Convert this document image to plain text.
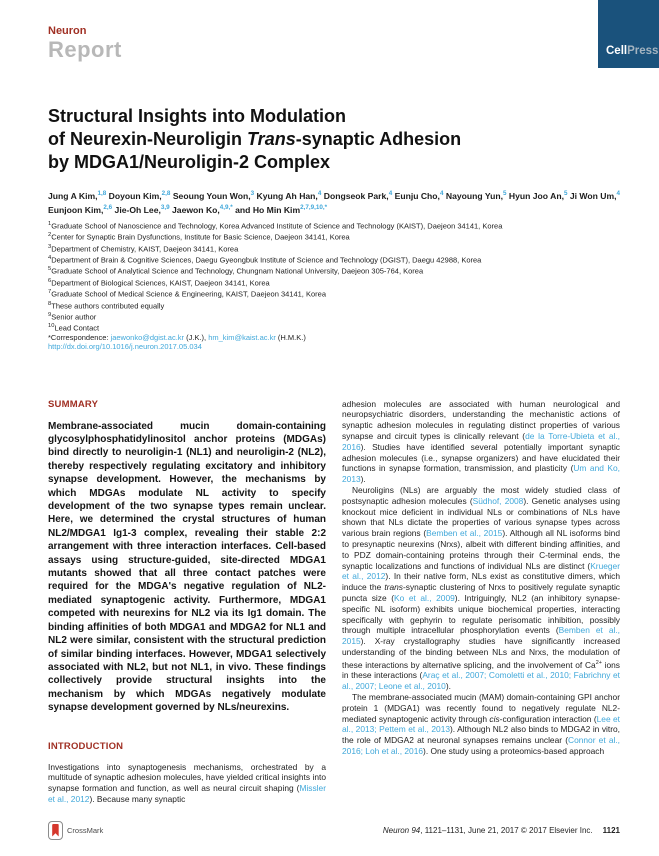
Neuron
Report	CellPress
Structural Insights into Modulation
of Neurexin-Neuroligin Trans-synaptic Adhesion
by MDGA1/Neuroligin-2 Complex
Jung A Kim,$^{1,8}$ Doyoun Kim,$^{2,8}$ Seoung Youn Won,$^3$ Kyung Ah Han,$^4$ Dongseok Park,$^4$ Eunju Cho,$^4$ Nayoung Yun,$^5$ Hyun Joo An,$^5$ Ji Won Um,$^4$ Eunjoon Kim,$^{2,6}$ Jie-Oh Lee,$^{3,9}$ Jaewon Ko,$^{4,9,*}$ and Ho Min Kim$^{2,7,9,10,*}$
$^1$Graduate School of Nanoscience and Technology, Korea Advanced Institute of Science and Technology (KAIST), Daejeon 34141, Korea
$^2$Center for Synaptic Brain Dysfunctions, Institute for Basic Science, Daejeon 34141, Korea
$^3$Department of Chemistry, KAIST, Daejeon 34141, Korea
$^4$Department of Brain & Cognitive Sciences, Daegu Gyeongbuk Institute of Science and Technology (DGIST), Daegu 42988, Korea
$^5$Graduate School of Analytical Science and Technology, Chungnam National University, Daejeon 305-764, Korea
$^6$Department of Biological Sciences, KAIST, Daejeon 34141, Korea
$^7$Graduate School of Medical Science & Engineering, KAIST, Daejeon 34141, Korea
$^8$These authors contributed equally
$^9$Senior author
$^{10}$Lead Contact
*Correspondence: jaewonko@dgist.ac.kr (J.K.), hm_kim@kaist.ac.kr (H.M.K.)
http://dx.doi.org/10.1016/j.neuron.2017.05.034
SUMMARY

Membrane-associated mucin domain-containing glycosylphosphatidylinositol anchor proteins (MDGAs) bind directly to neuroligin-1 (NL1) and neuroligin-2 (NL2), thereby respectively regulating excitatory and inhibitory synapse development. However, the mechanisms by which MDGAs modulate NL activity to specify development of the two synapse types remain unclear. Here, we determined the crystal structures of human NL2/MDGA1 Ig1-3 complex, revealing their stable 2:2 arrangement with three interaction interfaces. Cell-based assays using structure-guided, site-directed MDGA1 mutants showed that all three contact patches were required for the MDGA's negative regulation of NL2-mediated synaptogenic activity. Furthermore, MDGA1 competed with neurexins for NL2 via its Ig1 domain. The binding affinities of both MDGA1 and MDGA2 for NL1 and NL2 were similar, consistent with the structural prediction of similar binding interfaces. However, MDGA1 selectively associated with NL2, but not NL1, in vivo. These findings collectively provide structural insights into the mechanism by which MDGAs negatively modulate synapse development governed by NLs/neurexins.

INTRODUCTION

Investigations into synaptogenesis mechanisms, orchestrated by a multitude of synaptic adhesion molecules, have yielded critical insights into synapse formation and function, as well as neural circuit shaping (Missler et al., 2012). Because many synaptic

adhesion molecules are associated with human neurological and neuropsychiatric disorders, understanding the mechanistic actions of synaptic adhesion molecules in regulating distinct properties of various synapse and circuit types is clinically relevant (de la Torre-Ubieta et al., 2016). Studies have identified several potentially important synaptic adhesion molecules (i.e., synapse organizers) and have elucidated their functions in synapse formation, transmission, and plasticity (Um and Ko, 2013).
Neuroligins (NLs) are arguably the most widely studied class of postsynaptic adhesion molecules (Südhof, 2008). Genetic analyses using knockout mice deficient in individual NLs or combinations of NLs have shown that NLs dictate the properties of various synapse types across various brain regions (Bemben et al., 2015). Although all NL isoforms bind to presynaptic neurexins (Nrxs), albeit with different binding affinities, and to PDZ domain-containing proteins through their C-terminal ends, the synaptic localizations and functions of individual NLs are distinct (Krueger et al., 2012). In their native form, NLs exist as constitutive dimers, which induce the trans-synaptic clustering of Nrxs to positively regulate synaptic puncta size (Ko et al., 2009). Intriguingly, NL2 (an inhibitory synapse-specific NL isoform) exhibits unique biochemical properties, interacting specifically with gephyrin to regulate perisomatic inhibition, possibly through multiple intracellular phosphorylation events (Bemben et al., 2015). X-ray crystallography studies have significantly increased understanding of the binding between NLs and Nrxs, the modulation of these interactions by alternative splicing, and the involvement of $Ca^{2+}$ ions in these interactions (Araç et al., 2007; Comoletti et al., 2010; Fabrichny et al., 2007; Leone et al., 2010).
The membrane-associated mucin (MAM) domain-containing GPI anchor protein 1 (MDGA1) was recently found to negatively regulate NL2-mediated synaptogenic activity through cis-configuration interaction (Lee et al., 2013; Pettem et al., 2013). Although NL2 also binds to MDGA2 in vitro, the role of MDGA2 at neuronal synapses remains unclear (Connor et al., 2016; Loh et al., 2016). One study using a proteomics-based approach
CrossMark	Neuron 94, 1121–1131, June 21, 2017 © 2017 Elsevier Inc. 1121
